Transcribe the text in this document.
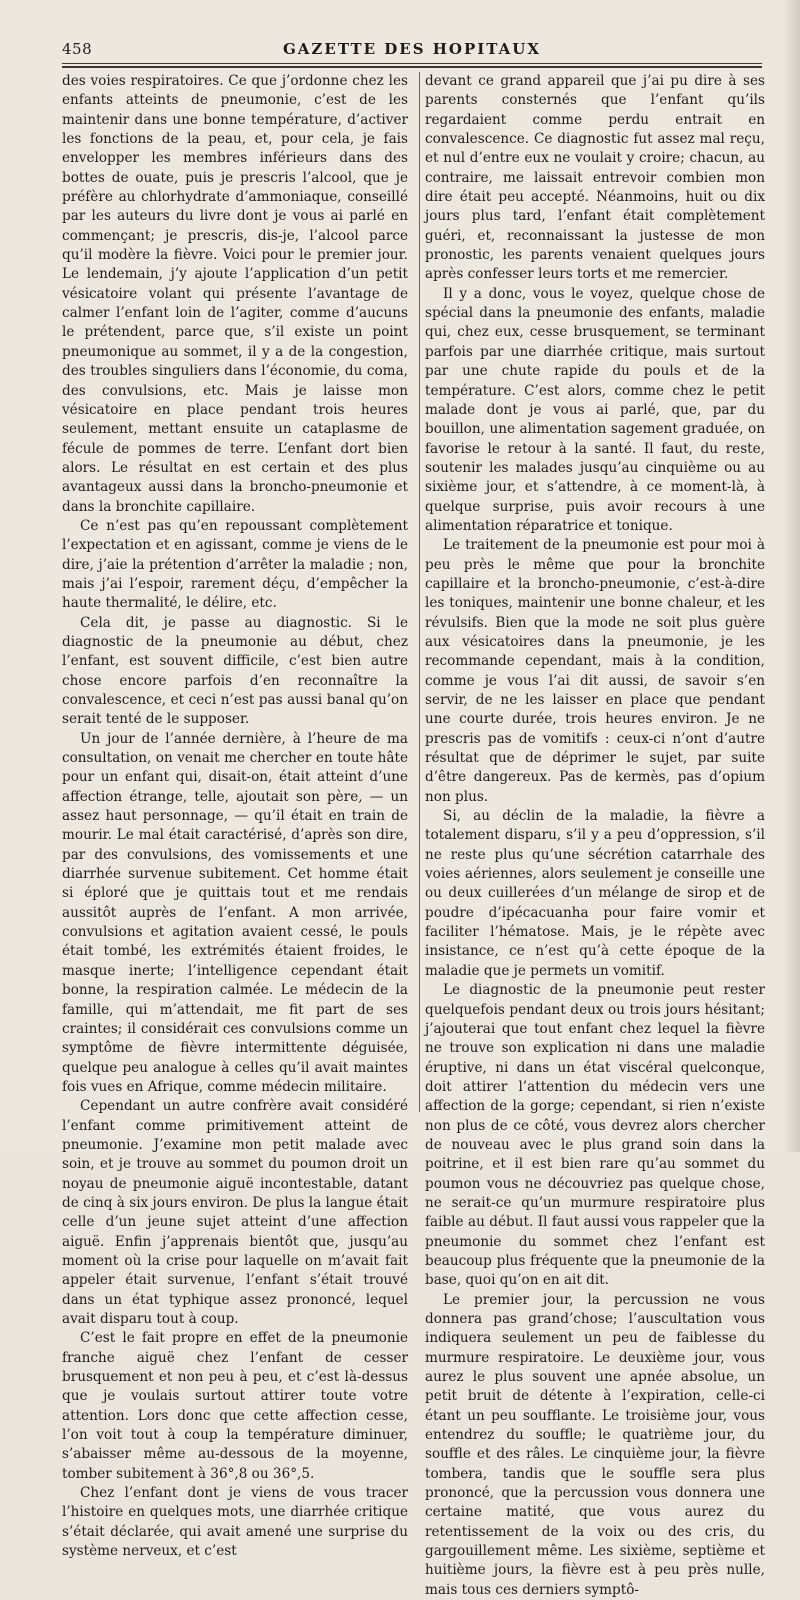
458	GAZETTE DES HOPITAUX

des voies respiratoires. Ce que j’ordonne chez les enfants atteints de pneumonie, c’est de les maintenir dans une bonne température, d’activer les fonctions de la peau, et, pour cela, je fais envelopper les membres inférieurs dans des bottes de ouate, puis je prescris l’alcool, que je préfère au chlorhydrate d’ammoniaque, conseillé par les auteurs du livre dont je vous ai parlé en commençant; je prescris, dis-je, l’alcool parce qu’il modère la fièvre. Voici pour le premier jour. Le lendemain, j’y ajoute l’application d’un petit vésicatoire volant qui présente l’avantage de calmer l’enfant loin de l’agiter, comme d’aucuns le prétendent, parce que, s’il existe un point pneumonique au sommet, il y a de la congestion, des troubles singuliers dans l’économie, du coma, des convulsions, etc. Mais je laisse mon vésicatoire en place pendant trois heures seulement, mettant ensuite un cataplasme de fécule de pommes de terre. L’enfant dort bien alors. Le résultat en est certain et des plus avantageux aussi dans la broncho-pneumonie et dans la bronchite capillaire.

Ce n’est pas qu’en repoussant complètement l’expectation et en agissant, comme je viens de le dire, j’aie la prétention d’arrêter la maladie ; non, mais j’ai l’espoir, rarement déçu, d’empêcher la haute thermalité, le délire, etc.

Cela dit, je passe au diagnostic. Si le diagnostic de la pneumonie au début, chez l’enfant, est souvent difficile, c’est bien autre chose encore parfois d’en reconnaître la convalescence, et ceci n’est pas aussi banal qu’on serait tenté de le supposer.

Un jour de l’année dernière, à l’heure de ma consultation, on venait me chercher en toute hâte pour un enfant qui, disait-on, était atteint d’une affection étrange, telle, ajoutait son père, — un assez haut personnage, — qu’il était en train de mourir. Le mal était caractérisé, d’après son dire, par des convulsions, des vomissements et une diarrhée survenue subitement. Cet homme était si éploré que je quittais tout et me rendais aussitôt auprès de l’enfant. A mon arrivée, convulsions et agitation avaient cessé, le pouls était tombé, les extrémités étaient froides, le masque inerte; l’intelligence cependant était bonne, la respiration calmée. Le médecin de la famille, qui m’attendait, me fit part de ses craintes; il considérait ces convulsions comme un symptôme de fièvre intermittente déguisée, quelque peu analogue à celles qu’il avait maintes fois vues en Afrique, comme médecin militaire.

Cependant un autre confrère avait considéré l’enfant comme primitivement atteint de pneumonie. J’examine mon petit malade avec soin, et je trouve au sommet du poumon droit un noyau de pneumonie aiguë incontestable, datant de cinq à six jours environ. De plus la langue était celle d’un jeune sujet atteint d’une affection aiguë. Enfin j’apprenais bientôt que, jusqu’au moment où la crise pour laquelle on m’avait fait appeler était survenue, l’enfant s’était trouvé dans un état typhique assez prononcé, lequel avait disparu tout à coup.

C’est le fait propre en effet de la pneumonie franche aiguë chez l’enfant de cesser brusquement et non peu à peu, et c’est là-dessus que je voulais surtout attirer toute votre attention. Lors donc que cette affection cesse, l’on voit tout à coup la température diminuer, s’abaisser même au-dessous de la moyenne, tomber subitement à 36°,8 ou 36°,5.

Chez l’enfant dont je viens de vous tracer l’histoire en quelques mots, une diarrhée critique s’était déclarée, qui avait amené une surprise du système nerveux, et c’est

devant ce grand appareil que j’ai pu dire à ses parents consternés que l’enfant qu’ils regardaient comme perdu entrait en convalescence. Ce diagnostic fut assez mal reçu, et nul d’entre eux ne voulait y croire; chacun, au contraire, me laissait entrevoir combien mon dire était peu accepté. Néanmoins, huit ou dix jours plus tard, l’enfant était complètement guéri, et, reconnaissant la justesse de mon pronostic, les parents venaient quelques jours après confesser leurs torts et me remercier.

Il y a donc, vous le voyez, quelque chose de spécial dans la pneumonie des enfants, maladie qui, chez eux, cesse brusquement, se terminant parfois par une diarrhée critique, mais surtout par une chute rapide du pouls et de la température. C’est alors, comme chez le petit malade dont je vous ai parlé, que, par du bouillon, une alimentation sagement graduée, on favorise le retour à la santé. Il faut, du reste, soutenir les malades jusqu’au cinquième ou au sixième jour, et s’attendre, à ce moment-là, à quelque surprise, puis avoir recours à une alimentation réparatrice et tonique.

Le traitement de la pneumonie est pour moi à peu près le même que pour la bronchite capillaire et la broncho-pneumonie, c’est-à-dire les toniques, maintenir une bonne chaleur, et les révulsifs. Bien que la mode ne soit plus guère aux vésicatoires dans la pneumonie, je les recommande cependant, mais à la condition, comme je vous l’ai dit aussi, de savoir s’en servir, de ne les laisser en place que pendant une courte durée, trois heures environ. Je ne prescris pas de vomitifs : ceux-ci n’ont d’autre résultat que de déprimer le sujet, par suite d’être dangereux. Pas de kermès, pas d’opium non plus.

Si, au déclin de la maladie, la fièvre a totalement disparu, s’il y a peu d’oppression, s’il ne reste plus qu’une sécrétion catarrhale des voies aériennes, alors seulement je conseille une ou deux cuillerées d’un mélange de sirop et de poudre d’ipécacuanha pour faire vomir et faciliter l’hématose. Mais, je le répète avec insistance, ce n’est qu’à cette époque de la maladie que je permets un vomitif.

Le diagnostic de la pneumonie peut rester quelquefois pendant deux ou trois jours hésitant; j’ajouterai que tout enfant chez lequel la fièvre ne trouve son explication ni dans une maladie éruptive, ni dans un état viscéral quelconque, doit attirer l’attention du médecin vers une affection de la gorge; cependant, si rien n’existe non plus de ce côté, vous devrez alors chercher de nouveau avec le plus grand soin dans la poitrine, et il est bien rare qu’au sommet du poumon vous ne découvriez pas quelque chose, ne serait-ce qu’un murmure respiratoire plus faible au début. Il faut aussi vous rappeler que la pneumonie du sommet chez l’enfant est beaucoup plus fréquente que la pneumonie de la base, quoi qu’on en ait dit.

Le premier jour, la percussion ne vous donnera pas grand’chose; l’auscultation vous indiquera seulement un peu de faiblesse du murmure respiratoire. Le deuxième jour, vous aurez le plus souvent une apnée absolue, un petit bruit de détente à l’expiration, celle-ci étant un peu soufflante. Le troisième jour, vous entendrez du souffle; le quatrième jour, du souffle et des râles. Le cinquième jour, la fièvre tombera, tandis que le souffle sera plus prononcé, que la percussion vous donnera une certaine matité, que vous aurez du retentissement de la voix ou des cris, du gargouillement même. Les sixième, septième et huitième jours, la fièvre est à peu près nulle, mais tous ces derniers symptô-
